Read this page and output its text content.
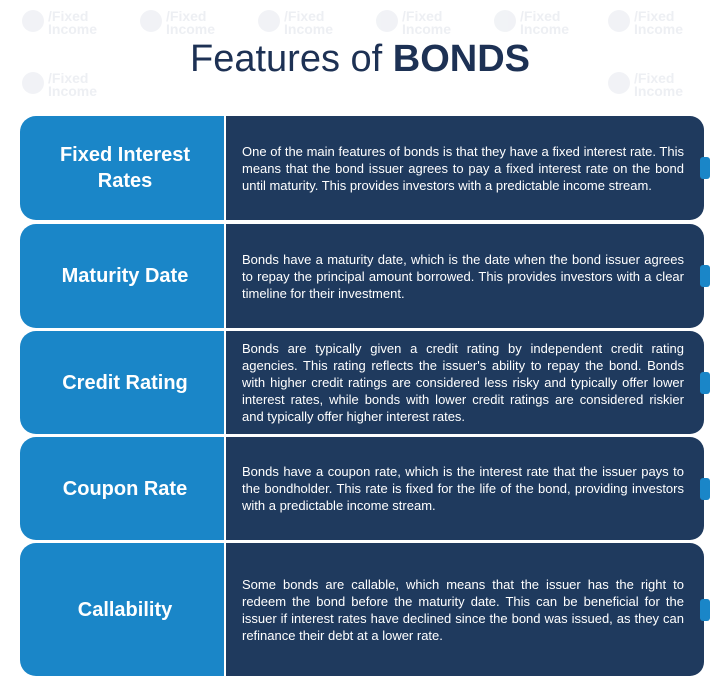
/Fixed
Income
/Fixed
Income
/Fixed
Income
/Fixed
Income
/Fixed
Income
/Fixed
Income
/Fixed
Income
/Fixed
Income
Features of BONDS
Fixed Interest Rates
One of the main features of bonds is that they have a fixed interest rate. This means that the bond issuer agrees to pay a fixed interest rate on the bond until maturity. This provides investors with a predictable income stream.
Maturity Date
Bonds have a maturity date, which is the date when the bond issuer agrees to repay the principal amount borrowed. This provides investors with a clear timeline for their investment.
Credit Rating
Bonds are typically given a credit rating by independent credit rating agencies. This rating reflects the issuer's ability to repay the bond. Bonds with higher credit ratings are considered less risky and typically offer lower interest rates, while bonds with lower credit ratings are considered riskier and typically offer higher interest rates.
Coupon Rate
Bonds have a coupon rate, which is the interest rate that the issuer pays to the bondholder. This rate is fixed for the life of the bond, providing investors with a predictable income stream.
Callability
Some bonds are callable, which means that the issuer has the right to redeem the bond before the maturity date. This can be beneficial for the issuer if interest rates have declined since the bond was issued, as they can refinance their debt at a lower rate.
